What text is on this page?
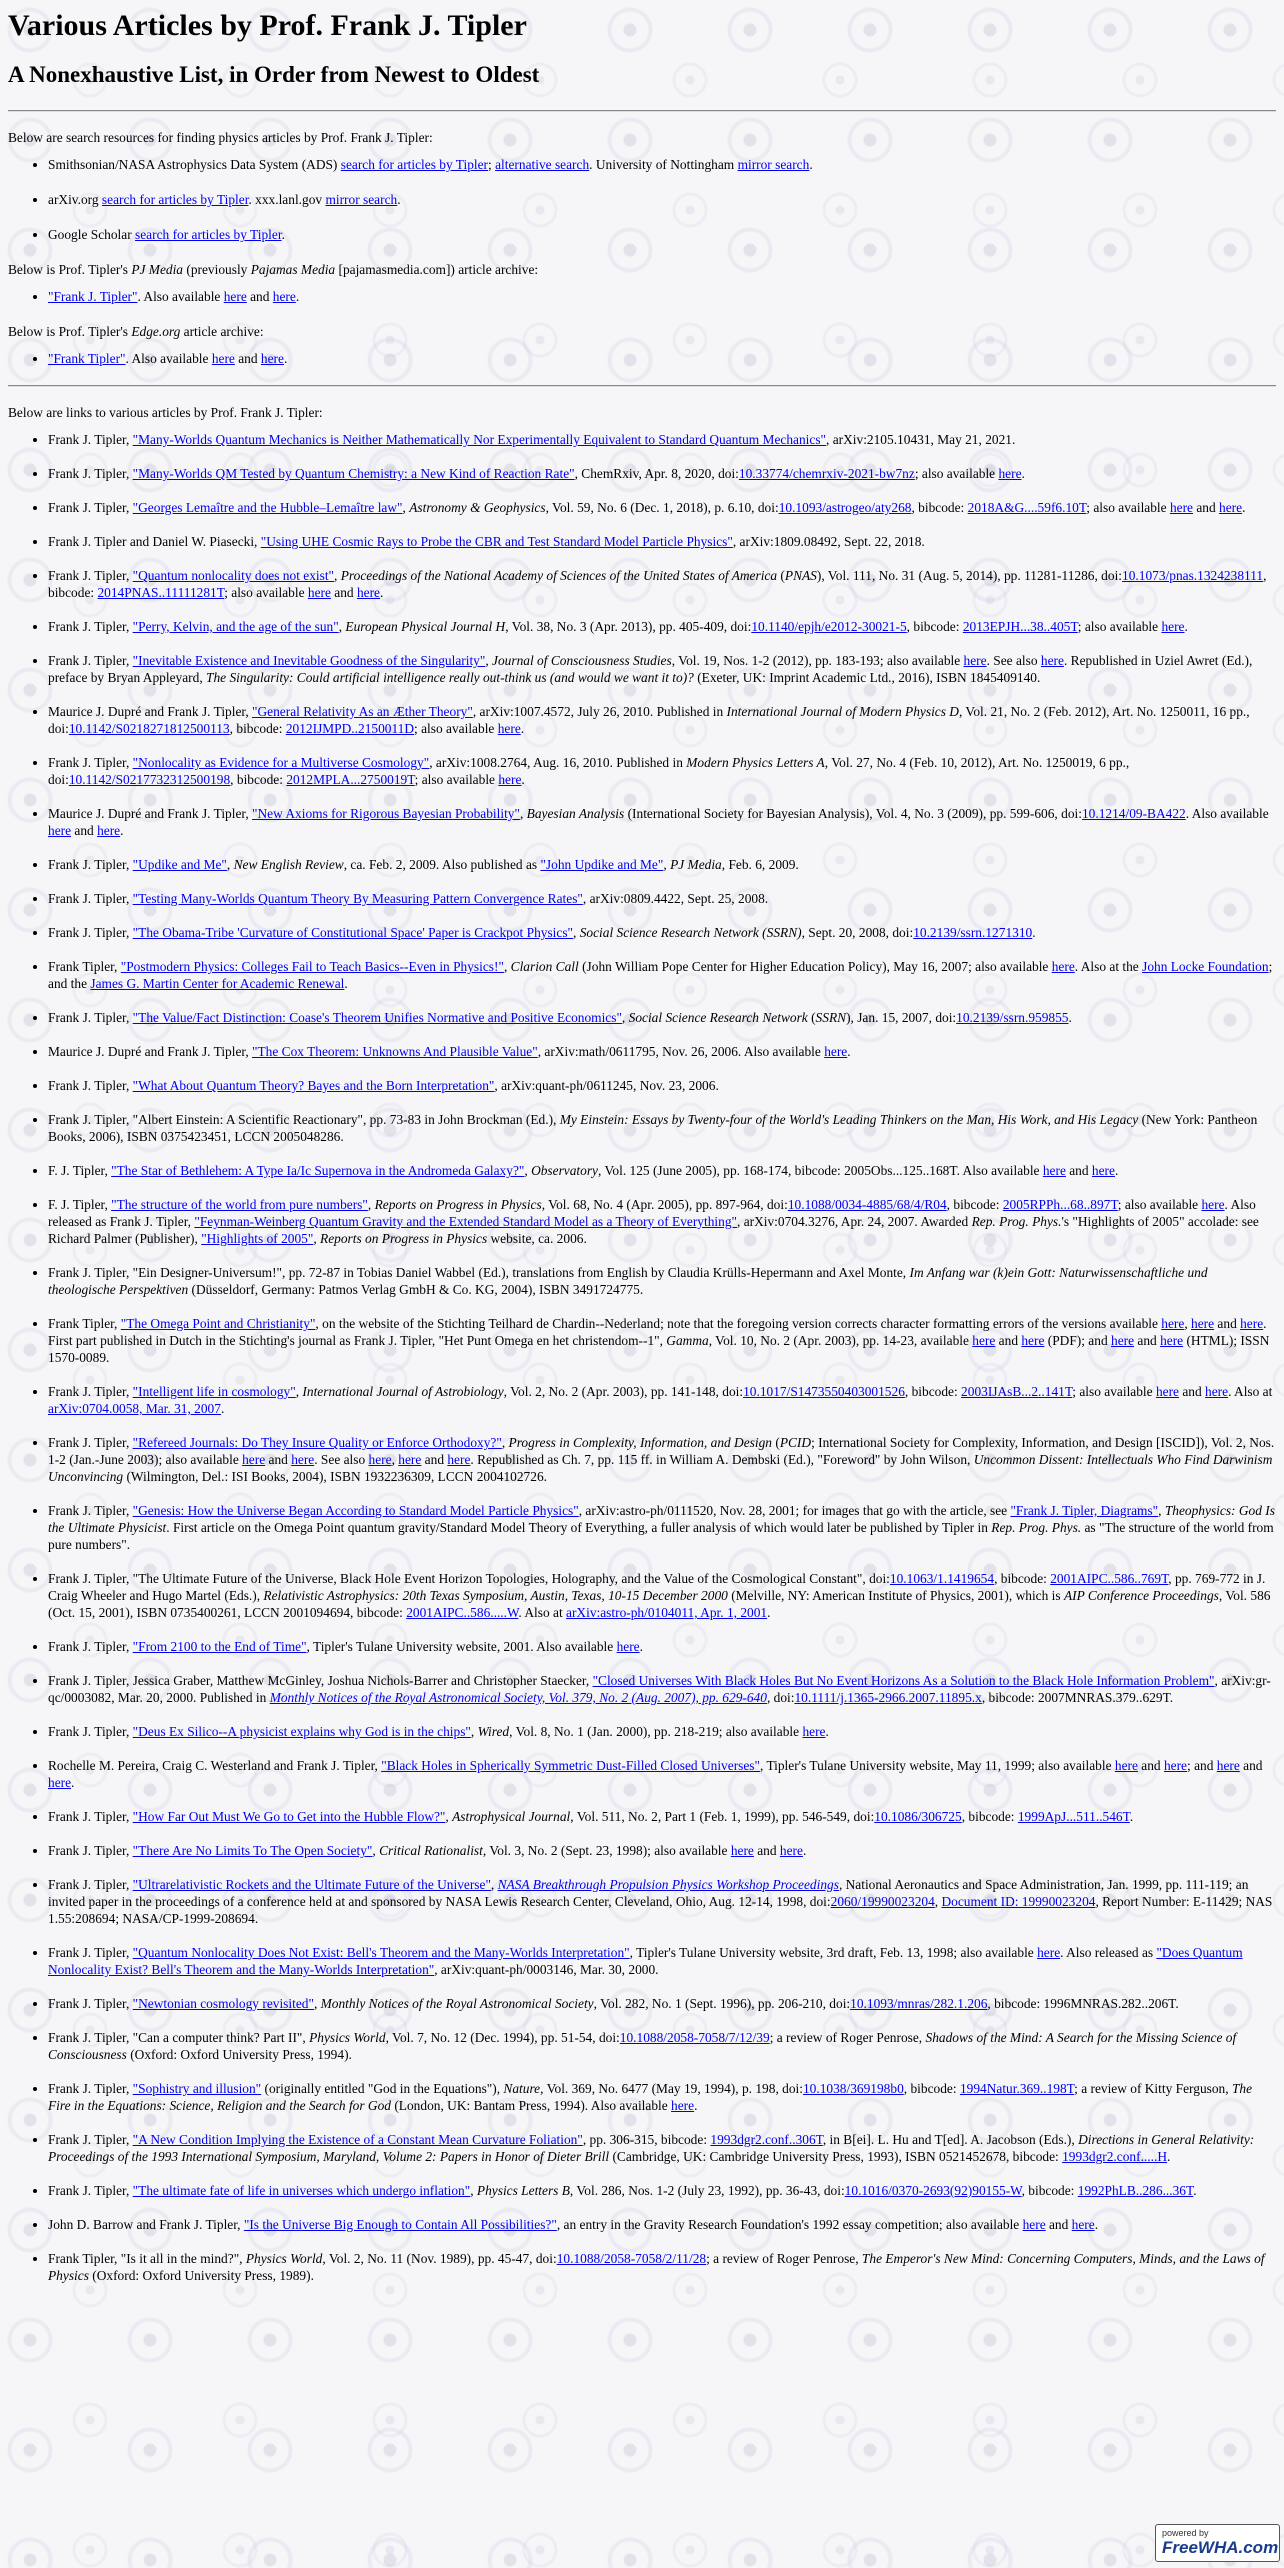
Various Articles by Prof. Frank J. Tipler
A Nonexhaustive List, in Order from Newest to Oldest

Below are search resources for finding physics articles by Prof. Frank J. Tipler:

• Smithsonian/NASA Astrophysics Data System (ADS) search for articles by Tipler; alternative search. University of Nottingham mirror search.
• arXiv.org search for articles by Tipler. xxx.lanl.gov mirror search.
• Google Scholar search for articles by Tipler.

Below is Prof. Tipler's PJ Media (previously Pajamas Media [pajamasmedia.com]) article archive:

• "Frank J. Tipler". Also available here and here.

Below is Prof. Tipler's Edge.org article archive:

• "Frank Tipler". Also available here and here.

Below are links to various articles by Prof. Frank J. Tipler:

• Frank J. Tipler, "Many-Worlds Quantum Mechanics is Neither Mathematically Nor Experimentally Equivalent to Standard Quantum Mechanics", arXiv:2105.10431, May 21, 2021.
• Frank J. Tipler, "Many-Worlds QM Tested by Quantum Chemistry: a New Kind of Reaction Rate", ChemRxiv, Apr. 8, 2020, doi:10.33774/chemrxiv-2021-bw7nz; also available here.
• Frank J. Tipler, "Georges Lemaître and the Hubble–Lemaître law", Astronomy & Geophysics, Vol. 59, No. 6 (Dec. 1, 2018), p. 6.10, doi:10.1093/astrogeo/aty268, bibcode: 2018A&G....59f6.10T; also available here and here.
• Frank J. Tipler and Daniel W. Piasecki, "Using UHE Cosmic Rays to Probe the CBR and Test Standard Model Particle Physics", arXiv:1809.08492, Sept. 22, 2018.
• Frank J. Tipler, "Quantum nonlocality does not exist", Proceedings of the National Academy of Sciences of the United States of America (PNAS), Vol. 111, No. 31 (Aug. 5, 2014), pp. 11281-11286, doi:10.1073/pnas.1324238111, bibcode: 2014PNAS..11111281T; also available here and here.
• Frank J. Tipler, "Perry, Kelvin, and the age of the sun", European Physical Journal H, Vol. 38, No. 3 (Apr. 2013), pp. 405-409, doi:10.1140/epjh/e2012-30021-5, bibcode: 2013EPJH...38..405T; also available here.
• Frank J. Tipler, "Inevitable Existence and Inevitable Goodness of the Singularity", Journal of Consciousness Studies, Vol. 19, Nos. 1-2 (2012), pp. 183-193; also available here. See also here. Republished in Uziel Awret (Ed.), preface by Bryan Appleyard, The Singularity: Could artificial intelligence really out-think us (and would we want it to)? (Exeter, UK: Imprint Academic Ltd., 2016), ISBN 1845409140.
• Maurice J. Dupré and Frank J. Tipler, "General Relativity As an Æther Theory", arXiv:1007.4572, July 26, 2010. Published in International Journal of Modern Physics D, Vol. 21, No. 2 (Feb. 2012), Art. No. 1250011, 16 pp., doi:10.1142/S0218271812500113, bibcode: 2012IJMPD..2150011D; also available here.
• Frank J. Tipler, "Nonlocality as Evidence for a Multiverse Cosmology", arXiv:1008.2764, Aug. 16, 2010. Published in Modern Physics Letters A, Vol. 27, No. 4 (Feb. 10, 2012), Art. No. 1250019, 6 pp., doi:10.1142/S0217732312500198, bibcode: 2012MPLA...2750019T; also available here.
• Maurice J. Dupré and Frank J. Tipler, "New Axioms for Rigorous Bayesian Probability", Bayesian Analysis (International Society for Bayesian Analysis), Vol. 4, No. 3 (2009), pp. 599-606, doi:10.1214/09-BA422. Also available here and here.
• Frank J. Tipler, "Updike and Me", New English Review, ca. Feb. 2, 2009. Also published as "John Updike and Me", PJ Media, Feb. 6, 2009.
• Frank J. Tipler, "Testing Many-Worlds Quantum Theory By Measuring Pattern Convergence Rates", arXiv:0809.4422, Sept. 25, 2008.
• Frank J. Tipler, "The Obama-Tribe 'Curvature of Constitutional Space' Paper is Crackpot Physics", Social Science Research Network (SSRN), Sept. 20, 2008, doi:10.2139/ssrn.1271310.
• Frank Tipler, "Postmodern Physics: Colleges Fail to Teach Basics--Even in Physics!", Clarion Call (John William Pope Center for Higher Education Policy), May 16, 2007; also available here. Also at the John Locke Foundation; and the James G. Martin Center for Academic Renewal.
• Frank J. Tipler, "The Value/Fact Distinction: Coase's Theorem Unifies Normative and Positive Economics", Social Science Research Network (SSRN), Jan. 15, 2007, doi:10.2139/ssrn.959855.
• Maurice J. Dupré and Frank J. Tipler, "The Cox Theorem: Unknowns And Plausible Value", arXiv:math/0611795, Nov. 26, 2006. Also available here.
• Frank J. Tipler, "What About Quantum Theory? Bayes and the Born Interpretation", arXiv:quant-ph/0611245, Nov. 23, 2006.
• Frank J. Tipler, "Albert Einstein: A Scientific Reactionary", pp. 73-83 in John Brockman (Ed.), My Einstein: Essays by Twenty-four of the World's Leading Thinkers on the Man, His Work, and His Legacy (New York: Pantheon Books, 2006), ISBN 0375423451, LCCN 2005048286.
• F. J. Tipler, "The Star of Bethlehem: A Type Ia/Ic Supernova in the Andromeda Galaxy?", Observatory, Vol. 125 (June 2005), pp. 168-174, bibcode: 2005Obs...125..168T. Also available here and here.
• F. J. Tipler, "The structure of the world from pure numbers", Reports on Progress in Physics, Vol. 68, No. 4 (Apr. 2005), pp. 897-964, doi:10.1088/0034-4885/68/4/R04, bibcode: 2005RPPh...68..897T; also available here. Also released as Frank J. Tipler, "Feynman-Weinberg Quantum Gravity and the Extended Standard Model as a Theory of Everything", arXiv:0704.3276, Apr. 24, 2007. Awarded Rep. Prog. Phys.'s "Highlights of 2005" accolade: see Richard Palmer (Publisher), "Highlights of 2005", Reports on Progress in Physics website, ca. 2006.
• Frank J. Tipler, "Ein Designer-Universum!", pp. 72-87 in Tobias Daniel Wabbel (Ed.), translations from English by Claudia Krülls-Hepermann and Axel Monte, Im Anfang war (k)ein Gott: Naturwissenschaftliche und theologische Perspektiven (Düsseldorf, Germany: Patmos Verlag GmbH & Co. KG, 2004), ISBN 3491724775.
• Frank Tipler, "The Omega Point and Christianity", on the website of the Stichting Teilhard de Chardin--Nederland; note that the foregoing version corrects character formatting errors of the versions available here, here and here. First part published in Dutch in the Stichting's journal as Frank J. Tipler, "Het Punt Omega en het christendom--1", Gamma, Vol. 10, No. 2 (Apr. 2003), pp. 14-23, available here and here (PDF); and here and here (HTML); ISSN 1570-0089.
• Frank J. Tipler, "Intelligent life in cosmology", International Journal of Astrobiology, Vol. 2, No. 2 (Apr. 2003), pp. 141-148, doi:10.1017/S1473550403001526, bibcode: 2003IJAsB...2..141T; also available here and here. Also at arXiv:0704.0058, Mar. 31, 2007.
• Frank J. Tipler, "Refereed Journals: Do They Insure Quality or Enforce Orthodoxy?", Progress in Complexity, Information, and Design (PCID; International Society for Complexity, Information, and Design [ISCID]), Vol. 2, Nos. 1-2 (Jan.-June 2003); also available here and here. See also here, here and here. Republished as Ch. 7, pp. 115 ff. in William A. Dembski (Ed.), "Foreword" by John Wilson, Uncommon Dissent: Intellectuals Who Find Darwinism Unconvincing (Wilmington, Del.: ISI Books, 2004), ISBN 1932236309, LCCN 2004102726.
• Frank J. Tipler, "Genesis: How the Universe Began According to Standard Model Particle Physics", arXiv:astro-ph/0111520, Nov. 28, 2001; for images that go with the article, see "Frank J. Tipler, Diagrams", Theophysics: God Is the Ultimate Physicist. First article on the Omega Point quantum gravity/Standard Model Theory of Everything, a fuller analysis of which would later be published by Tipler in Rep. Prog. Phys. as "The structure of the world from pure numbers".
• Frank J. Tipler, "The Ultimate Future of the Universe, Black Hole Event Horizon Topologies, Holography, and the Value of the Cosmological Constant", doi:10.1063/1.1419654, bibcode: 2001AIPC..586..769T, pp. 769-772 in J. Craig Wheeler and Hugo Martel (Eds.), Relativistic Astrophysics: 20th Texas Symposium, Austin, Texas, 10-15 December 2000 (Melville, NY: American Institute of Physics, 2001), which is AIP Conference Proceedings, Vol. 586 (Oct. 15, 2001), ISBN 0735400261, LCCN 2001094694, bibcode: 2001AIPC..586.....W. Also at arXiv:astro-ph/0104011, Apr. 1, 2001.
• Frank J. Tipler, "From 2100 to the End of Time", Tipler's Tulane University website, 2001. Also available here.
• Frank J. Tipler, Jessica Graber, Matthew McGinley, Joshua Nichols-Barrer and Christopher Staecker, "Closed Universes With Black Holes But No Event Horizons As a Solution to the Black Hole Information Problem", arXiv:gr-qc/0003082, Mar. 20, 2000. Published in Monthly Notices of the Royal Astronomical Society, Vol. 379, No. 2 (Aug. 2007), pp. 629-640, doi:10.1111/j.1365-2966.2007.11895.x, bibcode: 2007MNRAS.379..629T.
• Frank J. Tipler, "Deus Ex Silico--A physicist explains why God is in the chips", Wired, Vol. 8, No. 1 (Jan. 2000), pp. 218-219; also available here.
• Rochelle M. Pereira, Craig C. Westerland and Frank J. Tipler, "Black Holes in Spherically Symmetric Dust-Filled Closed Universes", Tipler's Tulane University website, May 11, 1999; also available here and here; and here and here.
• Frank J. Tipler, "How Far Out Must We Go to Get into the Hubble Flow?", Astrophysical Journal, Vol. 511, No. 2, Part 1 (Feb. 1, 1999), pp. 546-549, doi:10.1086/306725, bibcode: 1999ApJ...511..546T.
• Frank J. Tipler, "There Are No Limits To The Open Society", Critical Rationalist, Vol. 3, No. 2 (Sept. 23, 1998); also available here and here.
• Frank J. Tipler, "Ultrarelativistic Rockets and the Ultimate Future of the Universe", NASA Breakthrough Propulsion Physics Workshop Proceedings, National Aeronautics and Space Administration, Jan. 1999, pp. 111-119; an invited paper in the proceedings of a conference held at and sponsored by NASA Lewis Research Center, Cleveland, Ohio, Aug. 12-14, 1998, doi:2060/19990023204, Document ID: 19990023204, Report Number: E-11429; NAS 1.55:208694; NASA/CP-1999-208694.
• Frank J. Tipler, "Quantum Nonlocality Does Not Exist: Bell's Theorem and the Many-Worlds Interpretation", Tipler's Tulane University website, 3rd draft, Feb. 13, 1998; also available here. Also released as "Does Quantum Nonlocality Exist? Bell's Theorem and the Many-Worlds Interpretation", arXiv:quant-ph/0003146, Mar. 30, 2000.
• Frank J. Tipler, "Newtonian cosmology revisited", Monthly Notices of the Royal Astronomical Society, Vol. 282, No. 1 (Sept. 1996), pp. 206-210, doi:10.1093/mnras/282.1.206, bibcode: 1996MNRAS.282..206T.
• Frank J. Tipler, "Can a computer think? Part II", Physics World, Vol. 7, No. 12 (Dec. 1994), pp. 51-54, doi:10.1088/2058-7058/7/12/39; a review of Roger Penrose, Shadows of the Mind: A Search for the Missing Science of Consciousness (Oxford: Oxford University Press, 1994).
• Frank J. Tipler, "Sophistry and illusion" (originally entitled "God in the Equations"), Nature, Vol. 369, No. 6477 (May 19, 1994), p. 198, doi:10.1038/369198b0, bibcode: 1994Natur.369..198T; a review of Kitty Ferguson, The Fire in the Equations: Science, Religion and the Search for God (London, UK: Bantam Press, 1994). Also available here.
• Frank J. Tipler, "A New Condition Implying the Existence of a Constant Mean Curvature Foliation", pp. 306-315, bibcode: 1993dgr2.conf..306T, in B[ei]. L. Hu and T[ed]. A. Jacobson (Eds.), Directions in General Relativity: Proceedings of the 1993 International Symposium, Maryland, Volume 2: Papers in Honor of Dieter Brill (Cambridge, UK: Cambridge University Press, 1993), ISBN 0521452678, bibcode: 1993dgr2.conf.....H.
• Frank J. Tipler, "The ultimate fate of life in universes which undergo inflation", Physics Letters B, Vol. 286, Nos. 1-2 (July 23, 1992), pp. 36-43, doi:10.1016/0370-2693(92)90155-W, bibcode: 1992PhLB..286...36T.
• John D. Barrow and Frank J. Tipler, "Is the Universe Big Enough to Contain All Possibilities?", an entry in the Gravity Research Foundation's 1992 essay competition; also available here and here.
• Frank Tipler, "Is it all in the mind?", Physics World, Vol. 2, No. 11 (Nov. 1989), pp. 45-47, doi:10.1088/2058-7058/2/11/28; a review of Roger Penrose, The Emperor's New Mind: Concerning Computers, Minds, and the Laws of Physics (Oxford: Oxford University Press, 1989).
powered by
FreeWHA.com
